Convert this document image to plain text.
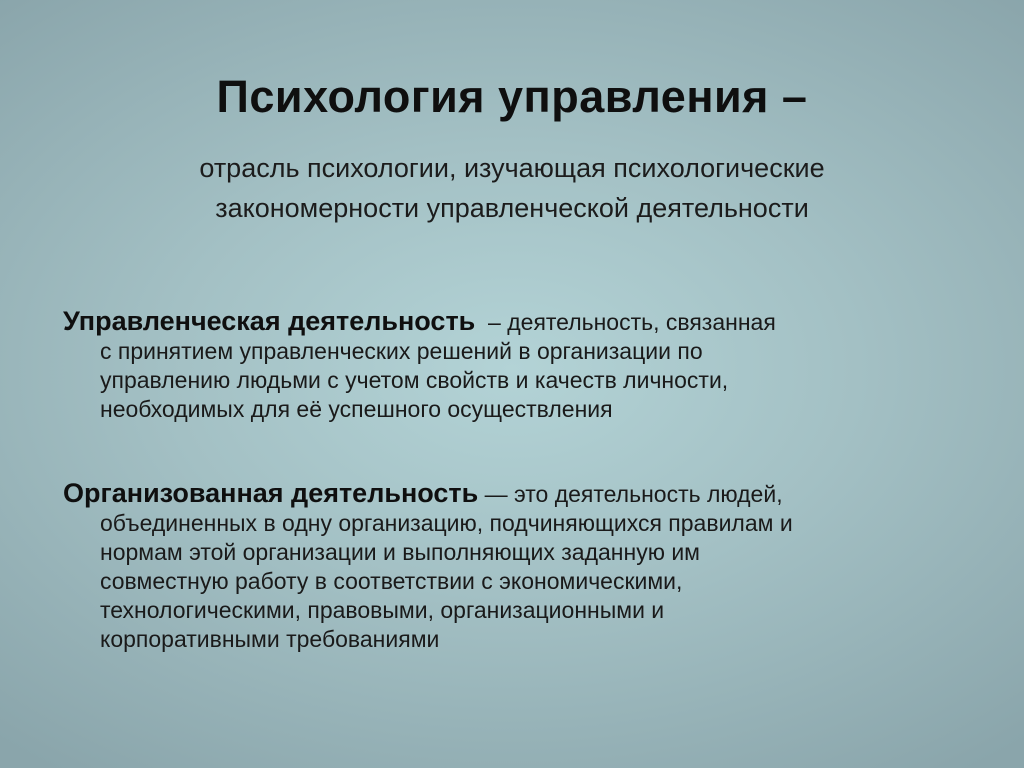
Психология управления –
отрасль психологии, изучающая психологические
закономерности управленческой деятельности
Управленческая деятельность  – деятельность, связанная
с принятием управленческих решений в организации по
управлению людьми с учетом свойств и качеств личности,
необходимых для её успешного осуществления
Организованная деятельность — это деятельность людей,
объединенных в одну организацию, подчиняющихся правилам и
нормам этой организации и выполняющих заданную им
совместную работу в соответствии с экономическими,
технологическими, правовыми, организационными и
корпоративными требованиями
